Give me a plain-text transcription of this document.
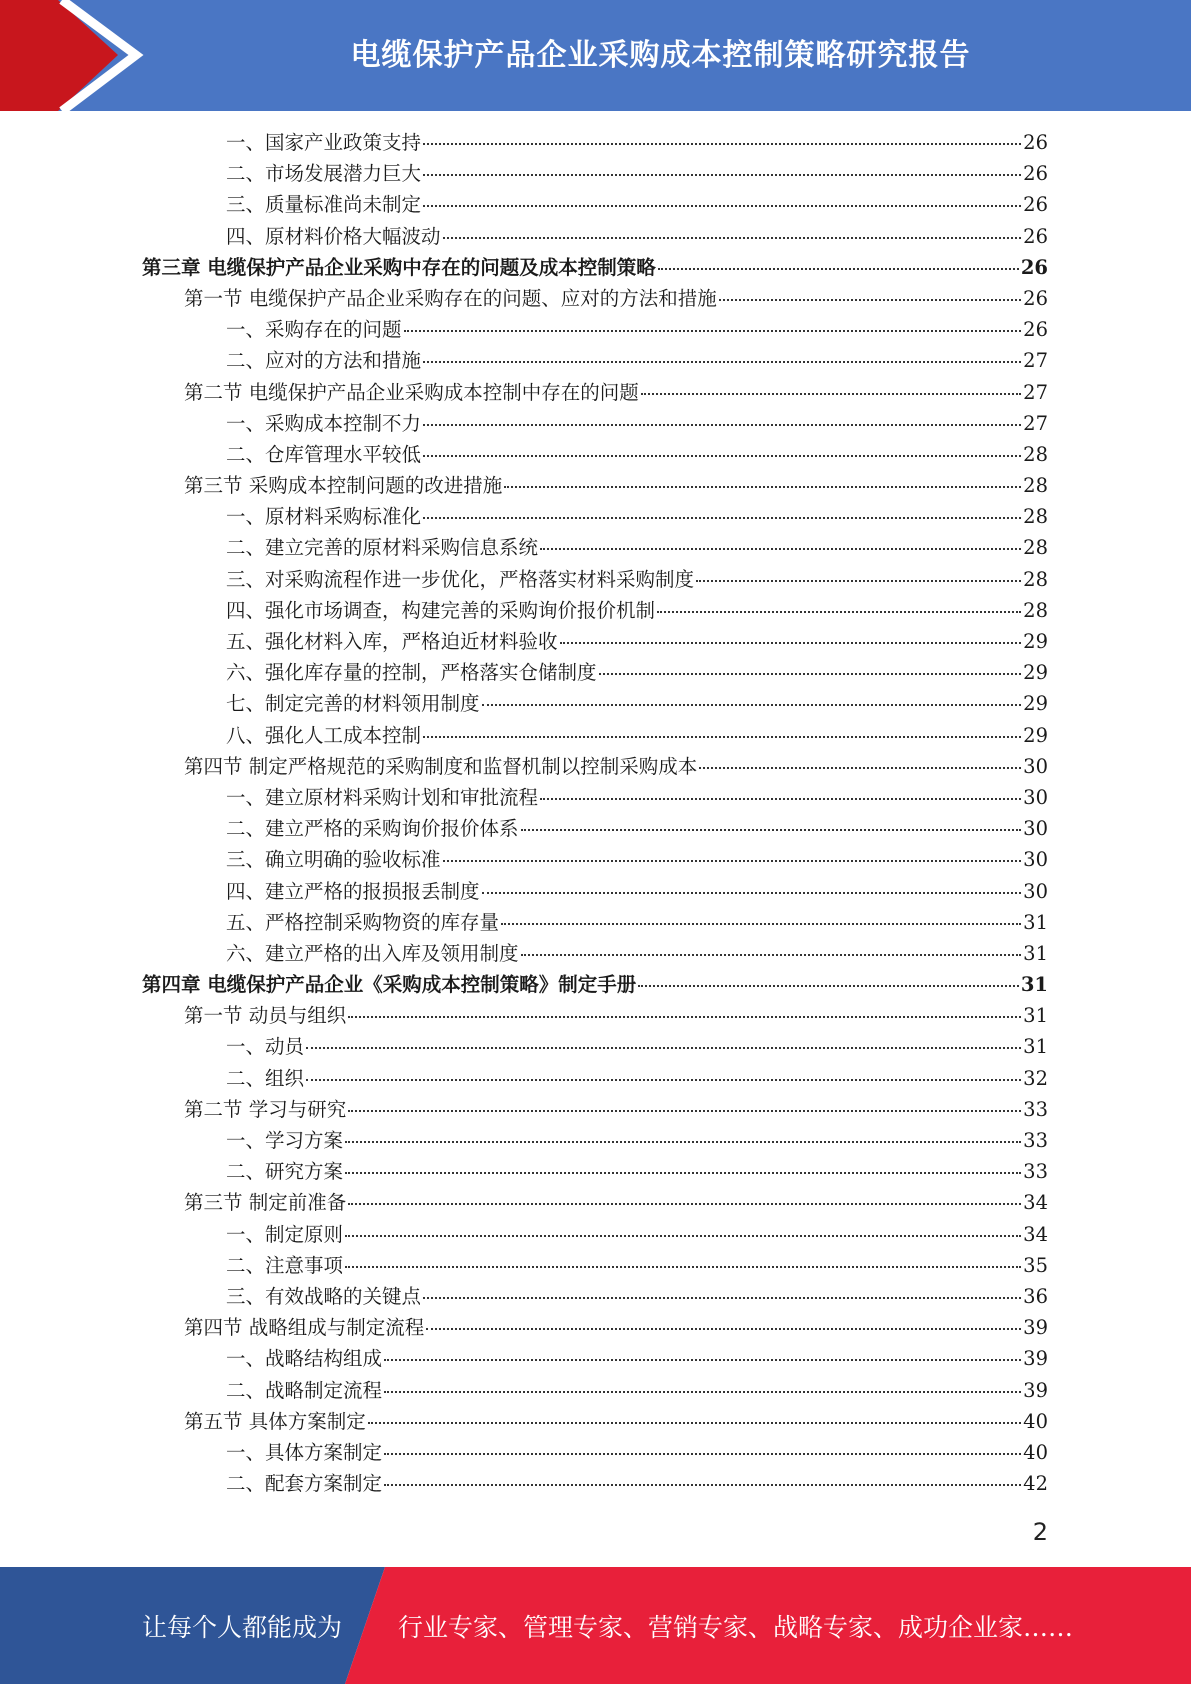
电缆保护产品企业采购成本控制策略研究报告
一、国家产业政策支持	26
二、市场发展潜力巨大	26
三、质量标准尚未制定	26
四、原材料价格大幅波动	26
第三章 电缆保护产品企业采购中存在的问题及成本控制策略	26
第一节 电缆保护产品企业采购存在的问题、应对的方法和措施	26
一、采购存在的问题	26
二、应对的方法和措施	27
第二节 电缆保护产品企业采购成本控制中存在的问题	27
一、采购成本控制不力	27
二、仓库管理水平较低	28
第三节 采购成本控制问题的改进措施	28
一、原材料采购标准化	28
二、建立完善的原材料采购信息系统	28
三、对采购流程作进一步优化，严格落实材料采购制度	28
四、强化市场调查，构建完善的采购询价报价机制	28
五、强化材料入库，严格迫近材料验收	29
六、强化库存量的控制，严格落实仓储制度	29
七、制定完善的材料领用制度	29
八、强化人工成本控制	29
第四节 制定严格规范的采购制度和监督机制以控制采购成本	30
一、建立原材料采购计划和审批流程	30
二、建立严格的采购询价报价体系	30
三、确立明确的验收标准	30
四、建立严格的报损报丢制度	30
五、严格控制采购物资的库存量	31
六、建立严格的出入库及领用制度	31
第四章 电缆保护产品企业《采购成本控制策略》制定手册	31
第一节 动员与组织	31
一、动员	31
二、组织	32
第二节 学习与研究	33
一、学习方案	33
二、研究方案	33
第三节 制定前准备	34
一、制定原则	34
二、注意事项	35
三、有效战略的关键点	36
第四节 战略组成与制定流程	39
一、战略结构组成	39
二、战略制定流程	39
第五节 具体方案制定	40
一、具体方案制定	40
二、配套方案制定	42
2
让每个人都能成为 行业专家、管理专家、营销专家、战略专家、成功企业家……
